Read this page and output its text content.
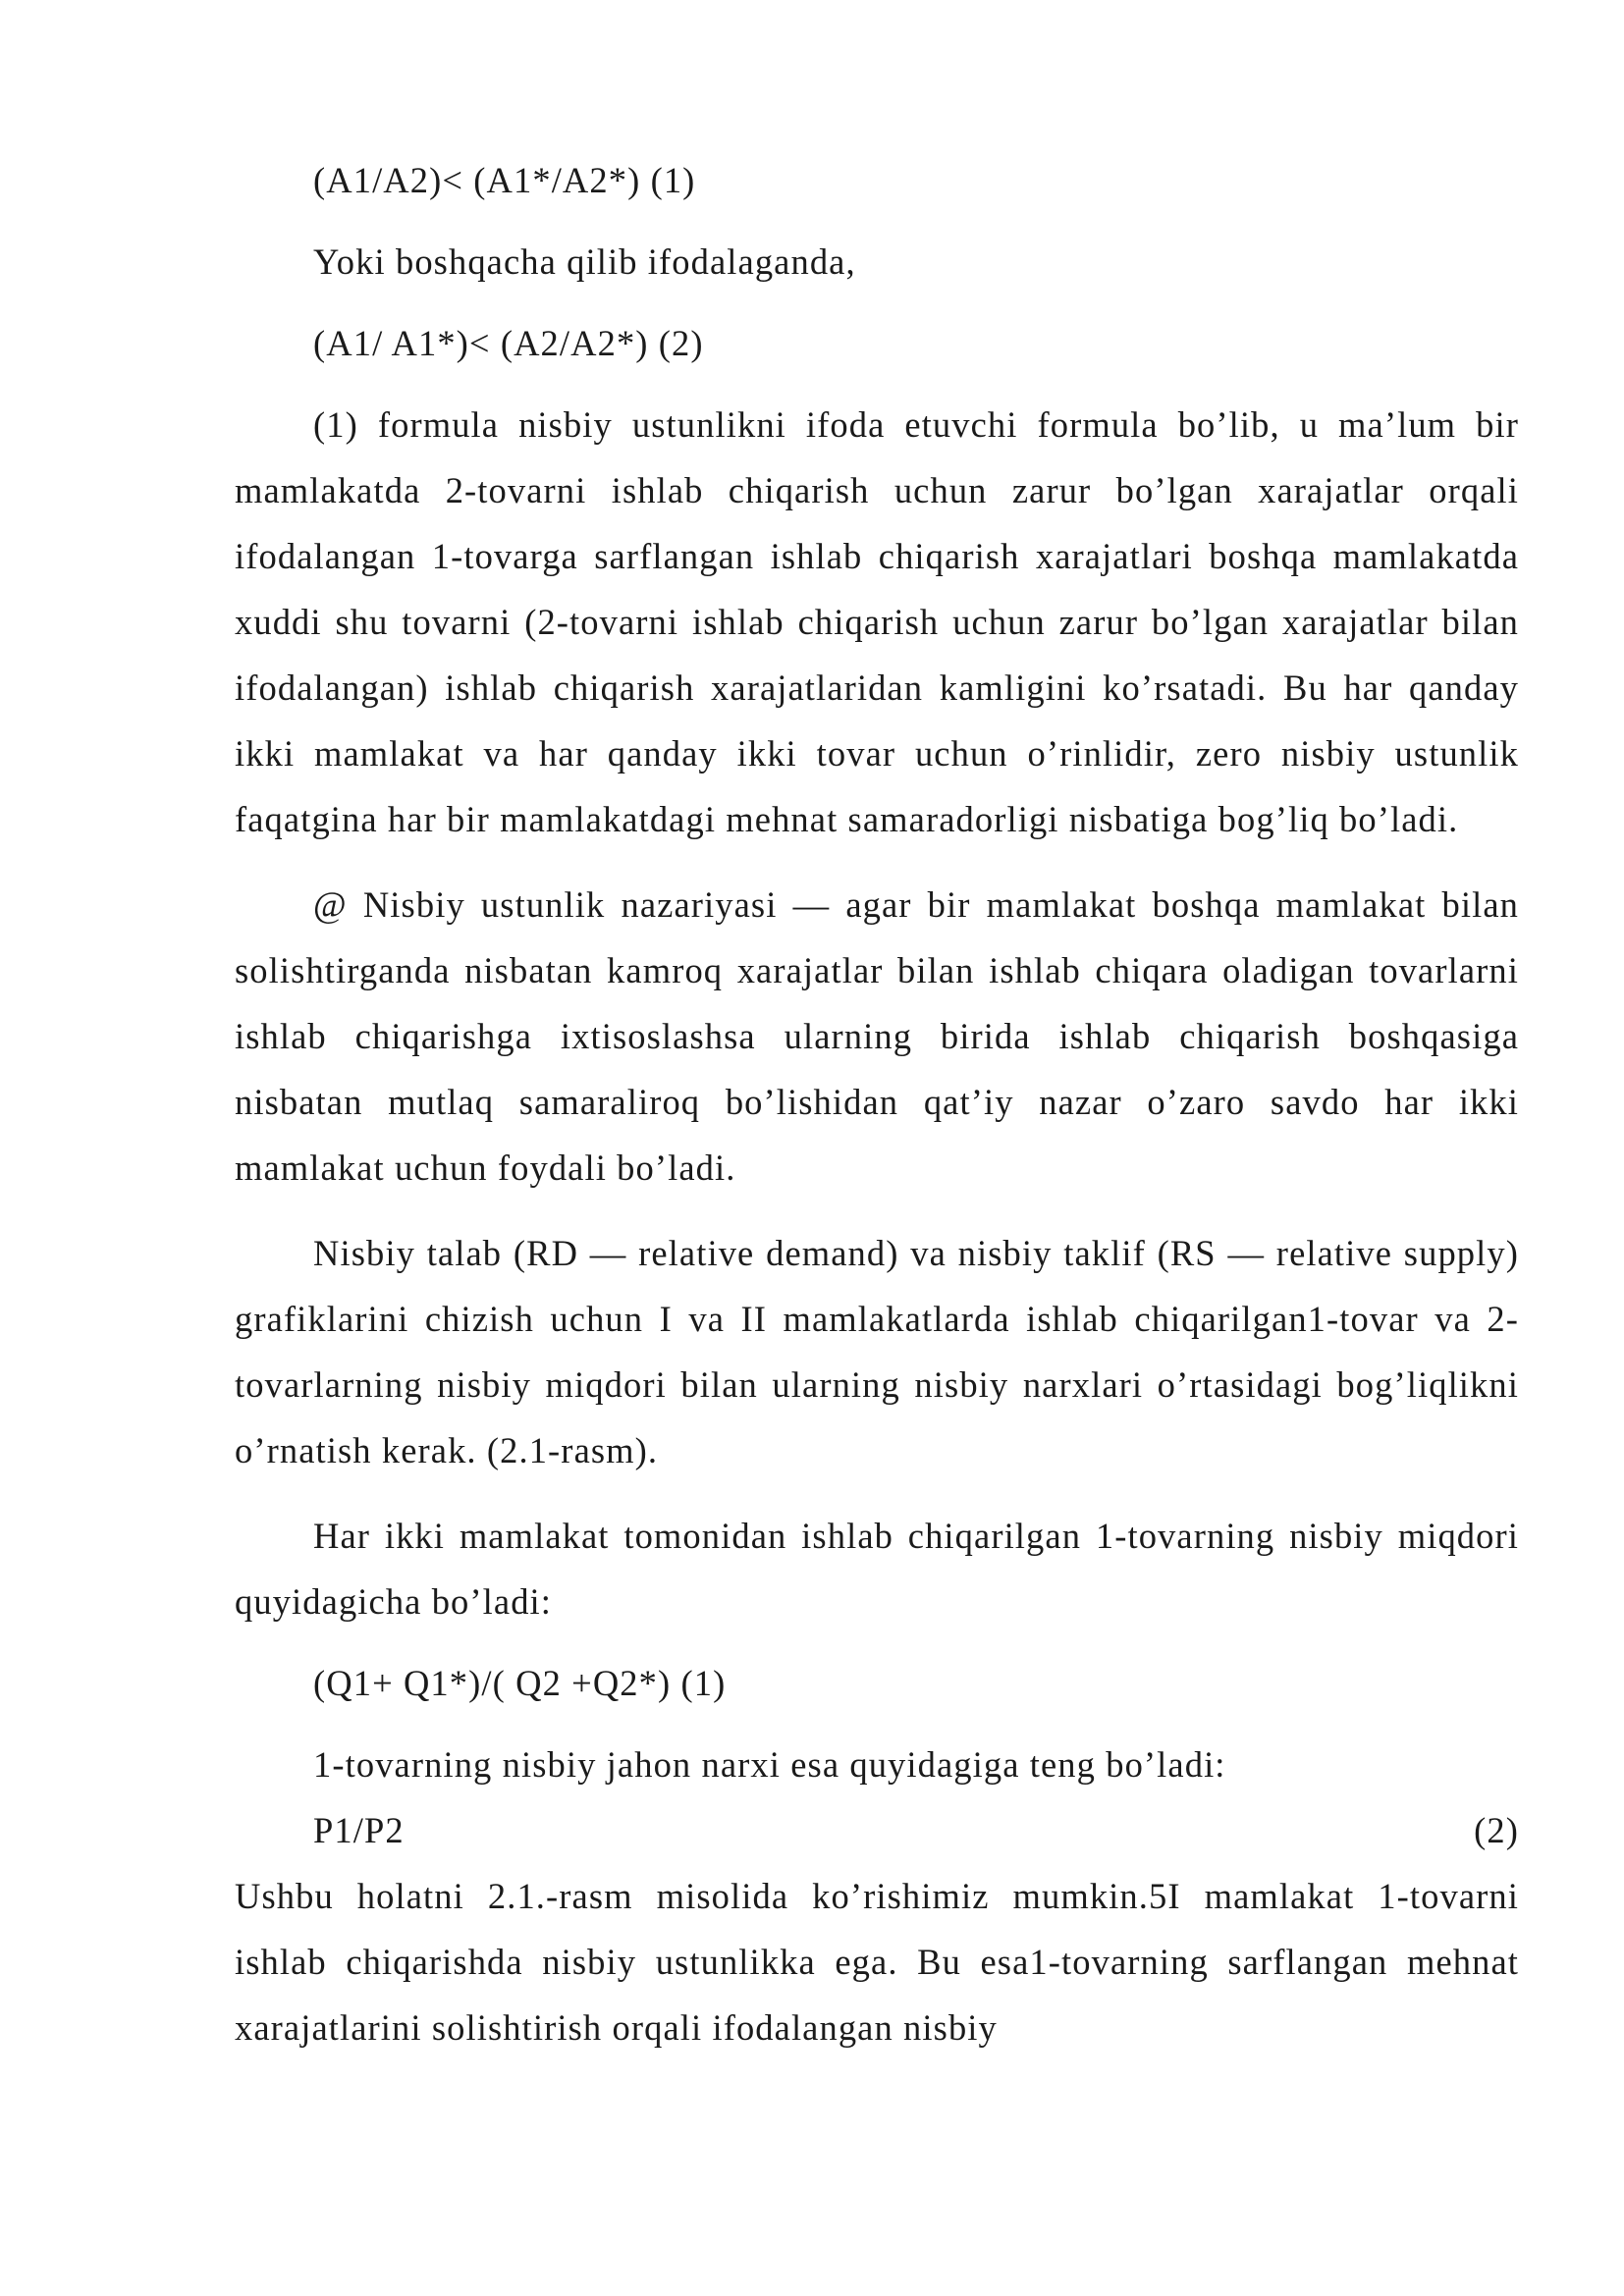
(A1/A2)< (A1*/A2*) (1)

Yoki boshqacha qilib ifodalaganda,

(A1/ A1*)< (A2/A2*) (2)

(1) formula nisbiy ustunlikni ifoda etuvchi formula bo’lib, u ma’lum bir mamlakatda 2-tovarni ishlab chiqarish uchun zarur bo’lgan xarajatlar orqali ifodalangan 1-tovarga sarflangan ishlab chiqarish xarajatlari boshqa mamlakatda xuddi shu tovarni (2-tovarni ishlab chiqarish uchun zarur bo’lgan xarajatlar bilan ifodalangan) ishlab chiqarish xarajatlaridan kamligini ko’rsatadi. Bu har qanday ikki mamlakat va har qanday ikki tovar uchun o’rinlidir, zero nisbiy ustunlik faqatgina har bir mamlakatdagi mehnat samaradorligi nisbatiga bog’liq bo’ladi.

@ Nisbiy ustunlik nazariyasi — agar bir mamlakat boshqa mamlakat bilan solishtirganda nisbatan kamroq xarajatlar bilan ishlab chiqara oladigan tovarlarni ishlab chiqarishga ixtisoslashsa ularning birida ishlab chiqarish boshqasiga nisbatan mutlaq samaraliroq bo’lishidan qat’iy nazar o’zaro savdo har ikki mamlakat uchun foydali bo’ladi.

Nisbiy talab (RD — relative demand) va nisbiy taklif (RS — relative supply) grafiklarini chizish uchun I va II mamlakatlarda ishlab chiqarilgan1-tovar va 2-tovarlarning nisbiy miqdori bilan ularning nisbiy narxlari o’rtasidagi bog’liqlikni o’rnatish kerak. (2.1-rasm).

Har ikki mamlakat tomonidan ishlab chiqarilgan 1-tovarning nisbiy miqdori quyidagicha bo’ladi:

(Q1+ Q1*)/( Q2 +Q2*) (1)

1-tovarning nisbiy jahon narxi esa quyidagiga teng bo’ladi:

P1/P2	(2)

Ushbu holatni 2.1.-rasm misolida ko’rishimiz mumkin.5I mamlakat 1-tovarni ishlab chiqarishda nisbiy ustunlikka ega. Bu esa1-tovarning sarflangan mehnat xarajatlarini solishtirish orqali ifodalangan nisbiy
